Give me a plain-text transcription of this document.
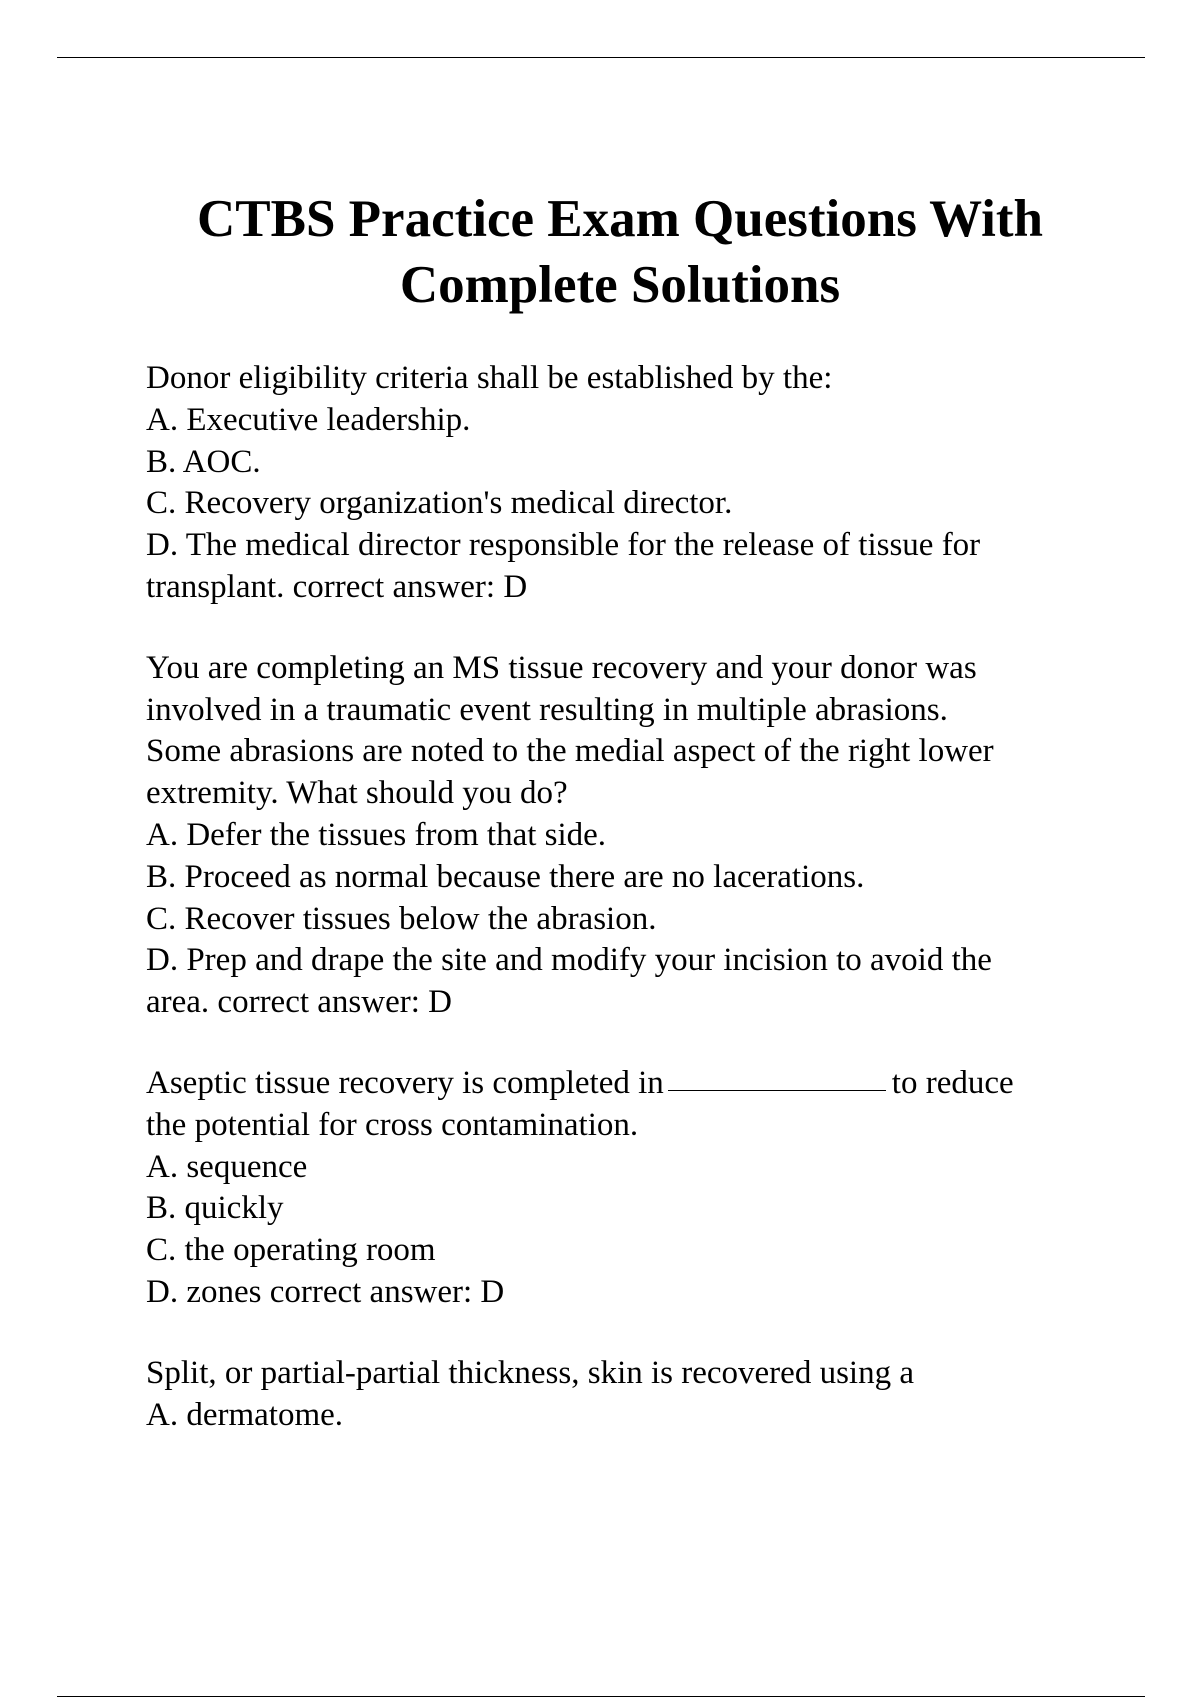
CTBS Practice Exam Questions With
Complete Solutions
Donor eligibility criteria shall be established by the:
A. Executive leadership.
B. AOC.
C. Recovery organization's medical director.
D. The medical director responsible for the release of tissue for
transplant. correct answer: D
You are completing an MS tissue recovery and your donor was
involved in a traumatic event resulting in multiple abrasions.
Some abrasions are noted to the medial aspect of the right lower
extremity. What should you do?
A. Defer the tissues from that side.
B. Proceed as normal because there are no lacerations.
C. Recover tissues below the abrasion.
D. Prep and drape the site and modify your incision to avoid the
area. correct answer: D
Aseptic tissue recovery is completed in	to reduce
the potential for cross contamination.
A. sequence
B. quickly
C. the operating room
D. zones correct answer: D
Split, or partial-partial thickness, skin is recovered using a
A. dermatome.
